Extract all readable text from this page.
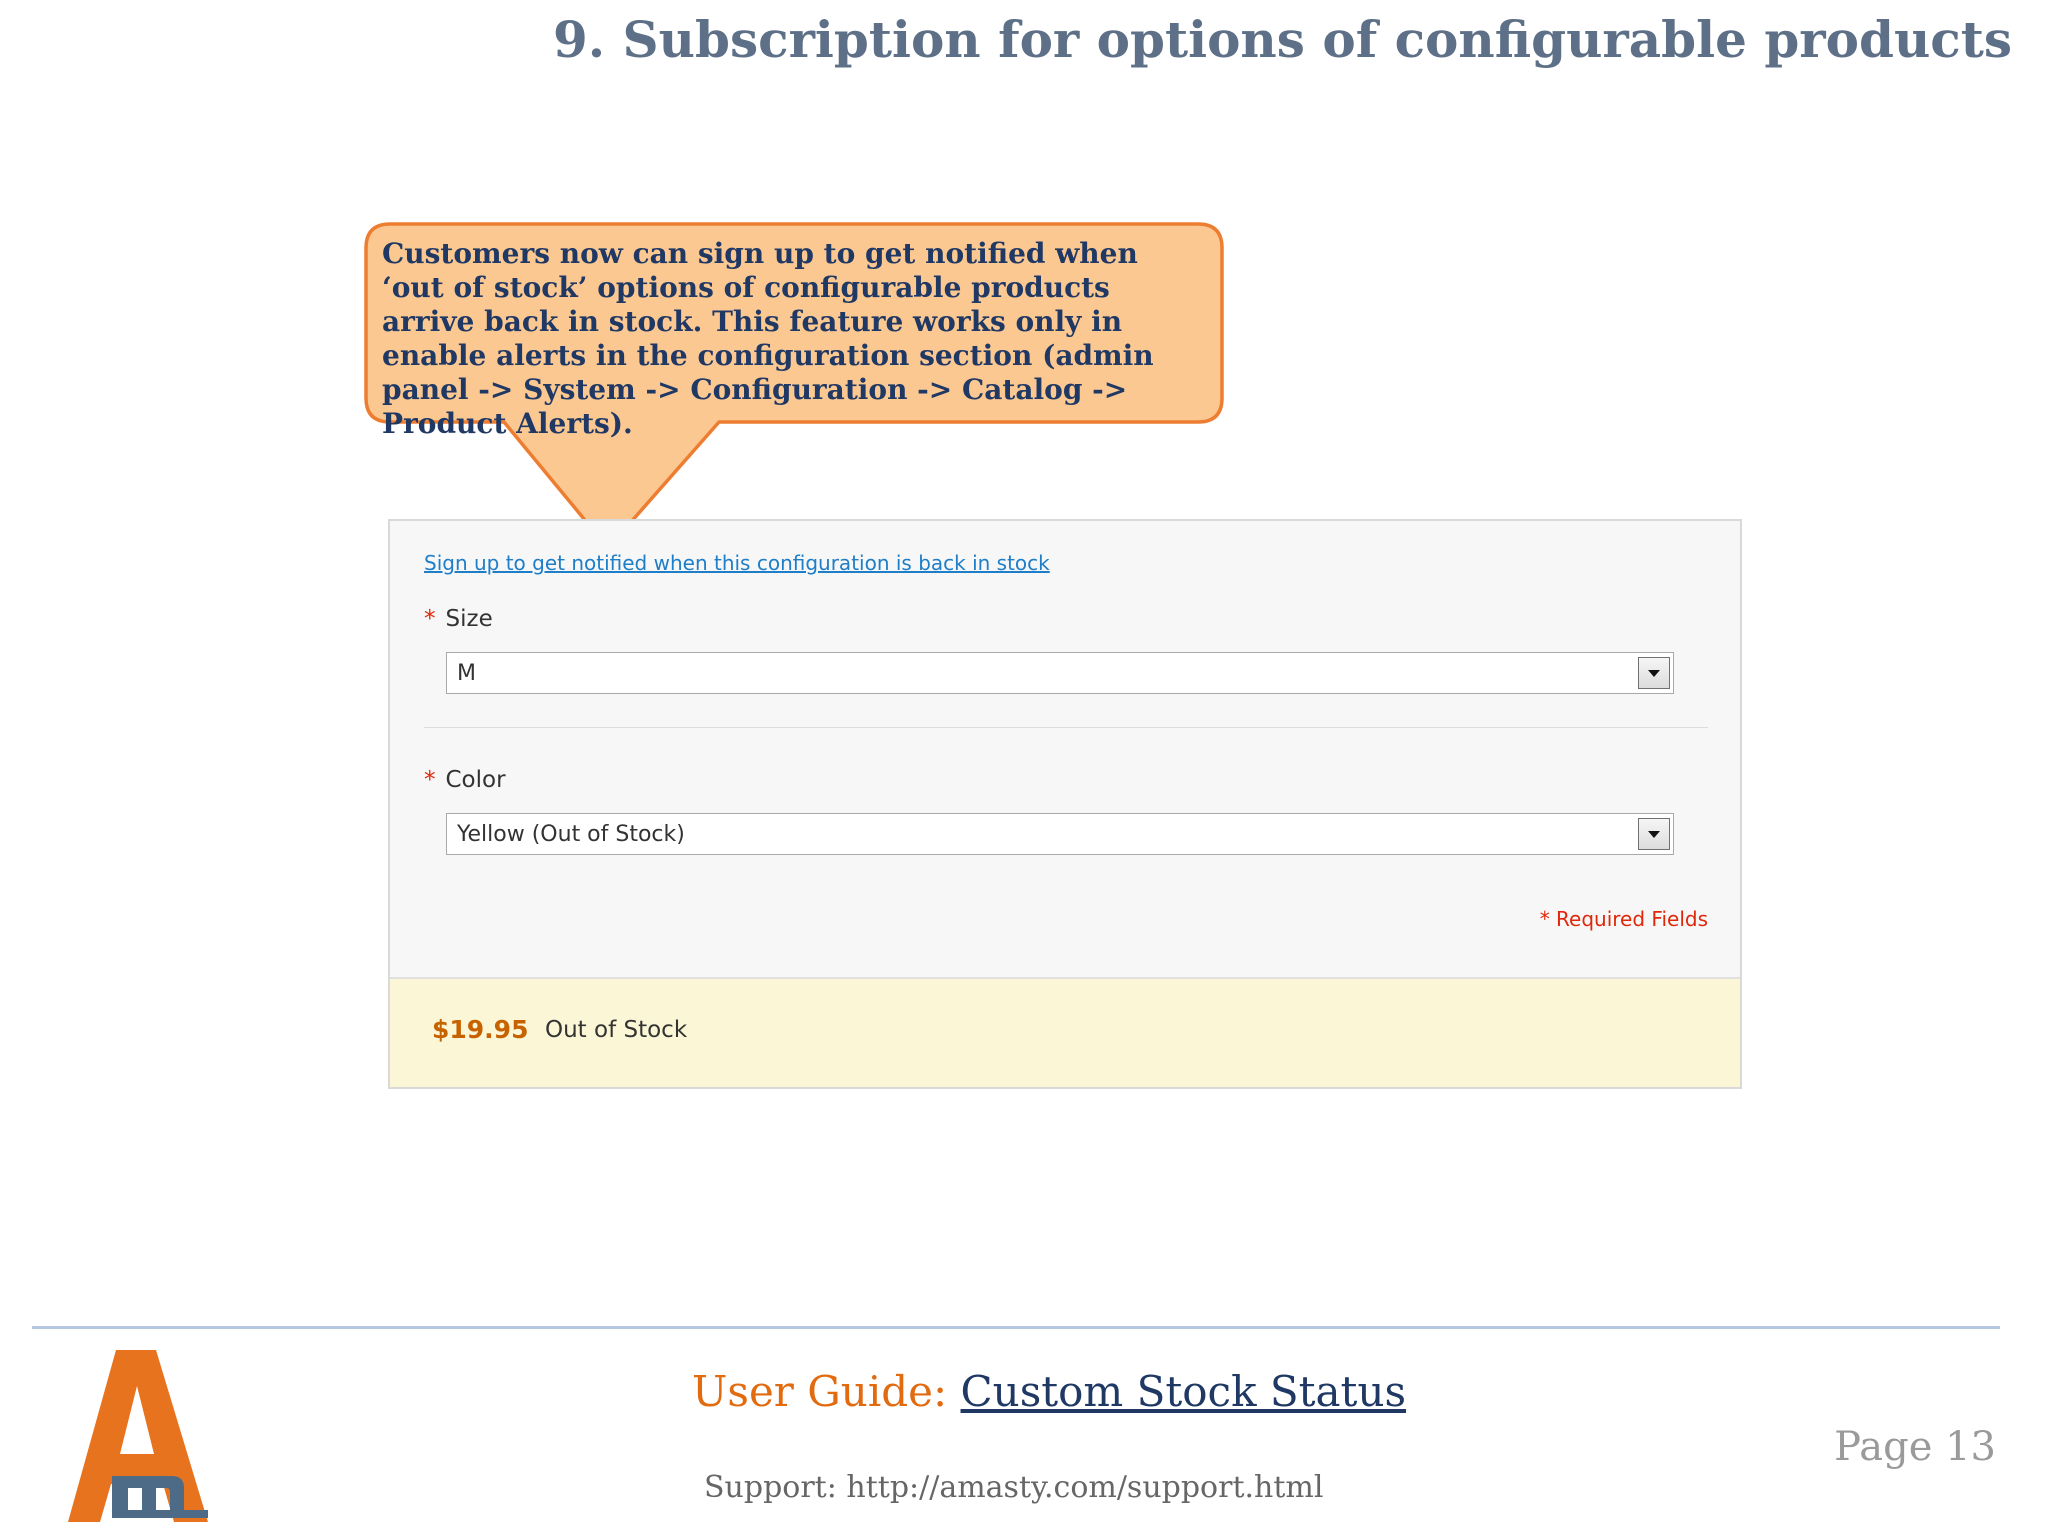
9. Subscription for options of configurable products

Customers now can sign up to get notified when ‘out of stock’ options of configurable products arrive back in stock. This feature works only in enable alerts in the configuration section (admin panel -> System -> Configuration -> Catalog -> Product Alerts).

Sign up to get notified when this configuration is back in stock
* Size
M
* Color
Yellow (Out of Stock)
* Required Fields
$19.95 Out of Stock
User Guide: Custom Stock Status
Support: http://amasty.com/support.html
Page 13
